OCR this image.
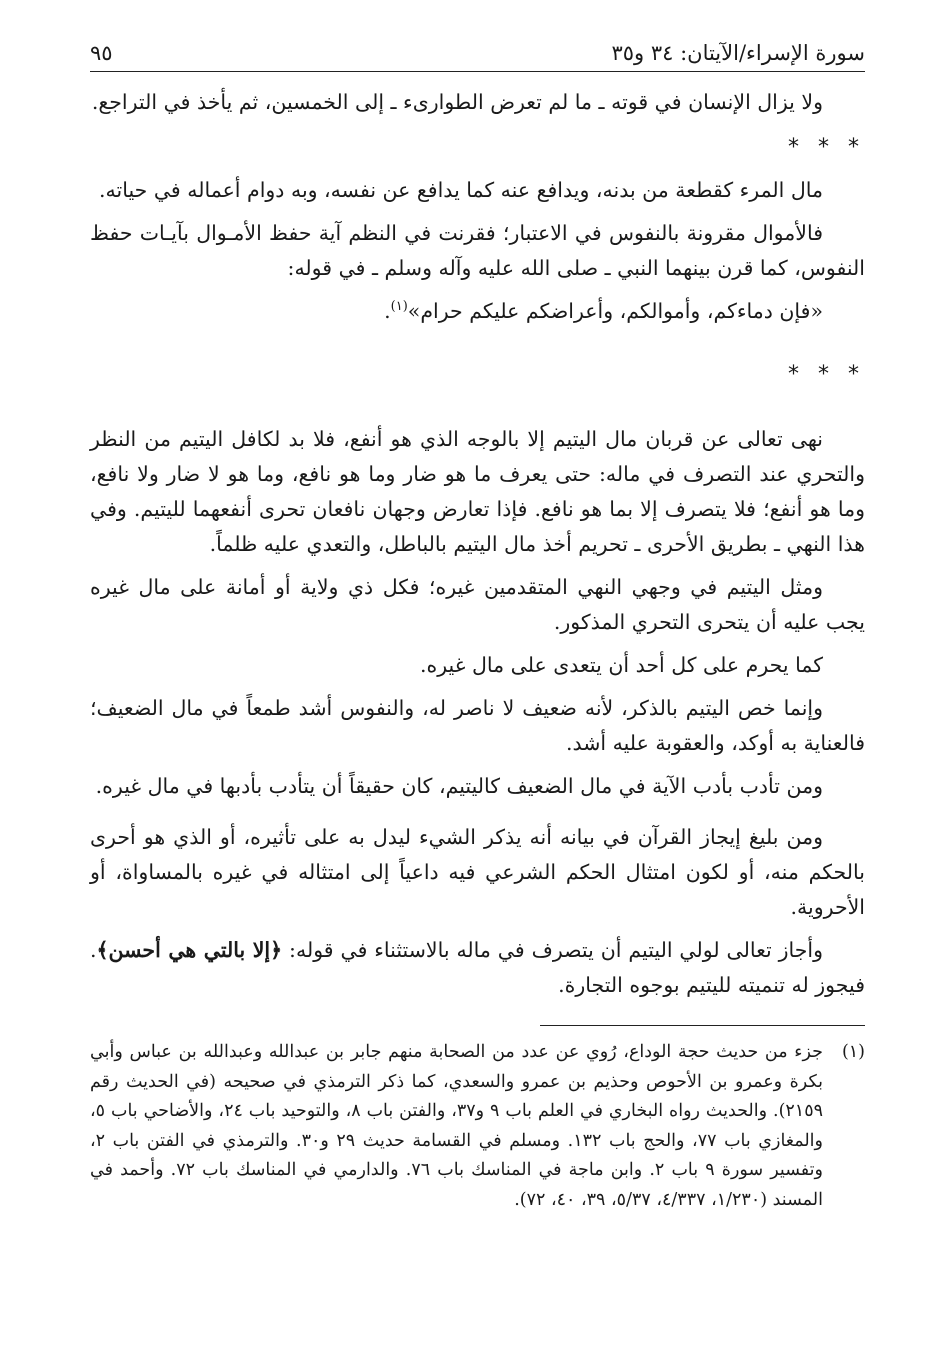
سورة الإسراء/الآيتان: ٣٤ و٣٥
٩٥

ولا يزال الإنسان في قوته ـ ما لم تعرض الطوارىء ـ إلى الخمسين، ثم يأخذ في التراجع.

* * *

مال المرء كقطعة من بدنه، ويدافع عنه كما يدافع عن نفسه، وبه دوام أعماله في حياته.

فالأموال مقرونة بالنفوس في الاعتبار؛ فقرنت في النظم آية حفظ الأمـوال بآيـات حفظ النفوس، كما قرن بينهما النبي ـ صلى الله عليه وآله وسلم ـ في قوله:

«فإن دماءكم، وأموالكم، وأعراضكم عليكم حرام»$^{(١)}$.

* * *

نهى تعالى عن قربان مال اليتيم إلا بالوجه الذي هو أنفع، فلا بد لكافل اليتيم من النظر والتحري عند التصرف في ماله: حتى يعرف ما هو ضار وما هو نافع، وما هو لا ضار ولا نافع، وما هو أنفع؛ فلا يتصرف إلا بما هو نافع. فإذا تعارض وجهان نافعان تحرى أنفعهما لليتيم. وفي هذا النهي ـ بطريق الأحرى ـ تحريم أخذ مال اليتيم بالباطل، والتعدي عليه ظلماً.

ومثل اليتيم في وجهي النهي المتقدمين غيره؛ فكل ذي ولاية أو أمانة على مال غيره يجب عليه أن يتحرى التحري المذكور.

كما يحرم على كل أحد أن يتعدى على مال غيره.

وإنما خص اليتيم بالذكر، لأنه ضعيف لا ناصر له، والنفوس أشد طمعاً في مال الضعيف؛ فالعناية به أوكد، والعقوبة عليه أشد.

ومن تأدب بأدب الآية في مال الضعيف كاليتيم، كان حقيقاً أن يتأدب بأدبها في مال غيره.

ومن بليغ إيجاز القرآن في بيانه أنه يذكر الشيء ليدل به على تأثيره، أو الذي هو أحرى بالحكم منه، أو لكون امتثال الحكم الشرعي فيه داعياً إلى امتثاله في غيره بالمساواة، أو الأحروية.

وأجاز تعالى لولي اليتيم أن يتصرف في ماله بالاستثناء في قوله: ﴿إلا بالتي هي أحسن﴾. فيجوز له تنميته لليتيم بوجوه التجارة.

(١)
جزء من حديث حجة الوداع، رُوي عن عدد من الصحابة منهم جابر بن عبدالله وعبدالله بن عباس وأبي بكرة وعمرو بن الأحوص وحذيم بن عمرو والسعدي، كما ذكر الترمذي في صحيحه (في الحديث رقم ٢١٥٩). والحديث رواه البخاري في العلم باب ٩ و٣٧، والفتن باب ٨، والتوحيد باب ٢٤، والأضاحي باب ٥، والمغازي باب ٧٧، والحج باب ١٣٢. ومسلم في القسامة حديث ٢٩ و٣٠. والترمذي في الفتن باب ٢، وتفسير سورة ٩ باب ٢. وابن ماجة في المناسك باب ٧٦. والدارمي في المناسك باب ٧٢. وأحمد في المسند (١/٢٣٠، ٤/٣٣٧، ٥/٣٧، ٣٩، ٤٠، ٧٢).
